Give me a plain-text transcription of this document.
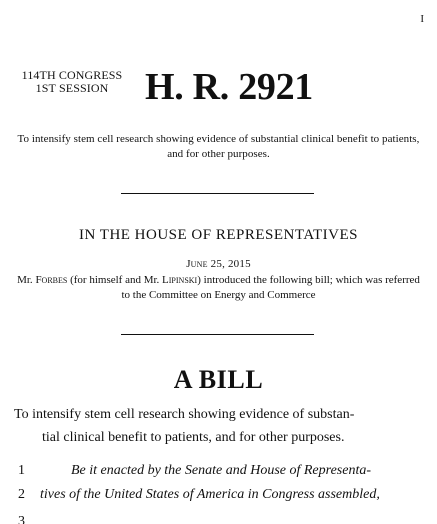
I
114TH CONGRESS
1ST SESSION H. R. 2921
To intensify stem cell research showing evidence of substantial clinical benefit to patients, and for other purposes.
IN THE HOUSE OF REPRESENTATIVES
June 25, 2015
Mr. Forbes (for himself and Mr. Lipinski) introduced the following bill; which was referred to the Committee on Energy and Commerce
A BILL
To intensify stem cell research showing evidence of substan-
tial clinical benefit to patients, and for other purposes.
1	Be it enacted by the Senate and House of Representa-
2	tives of the United States of America in Congress assembled,
3
